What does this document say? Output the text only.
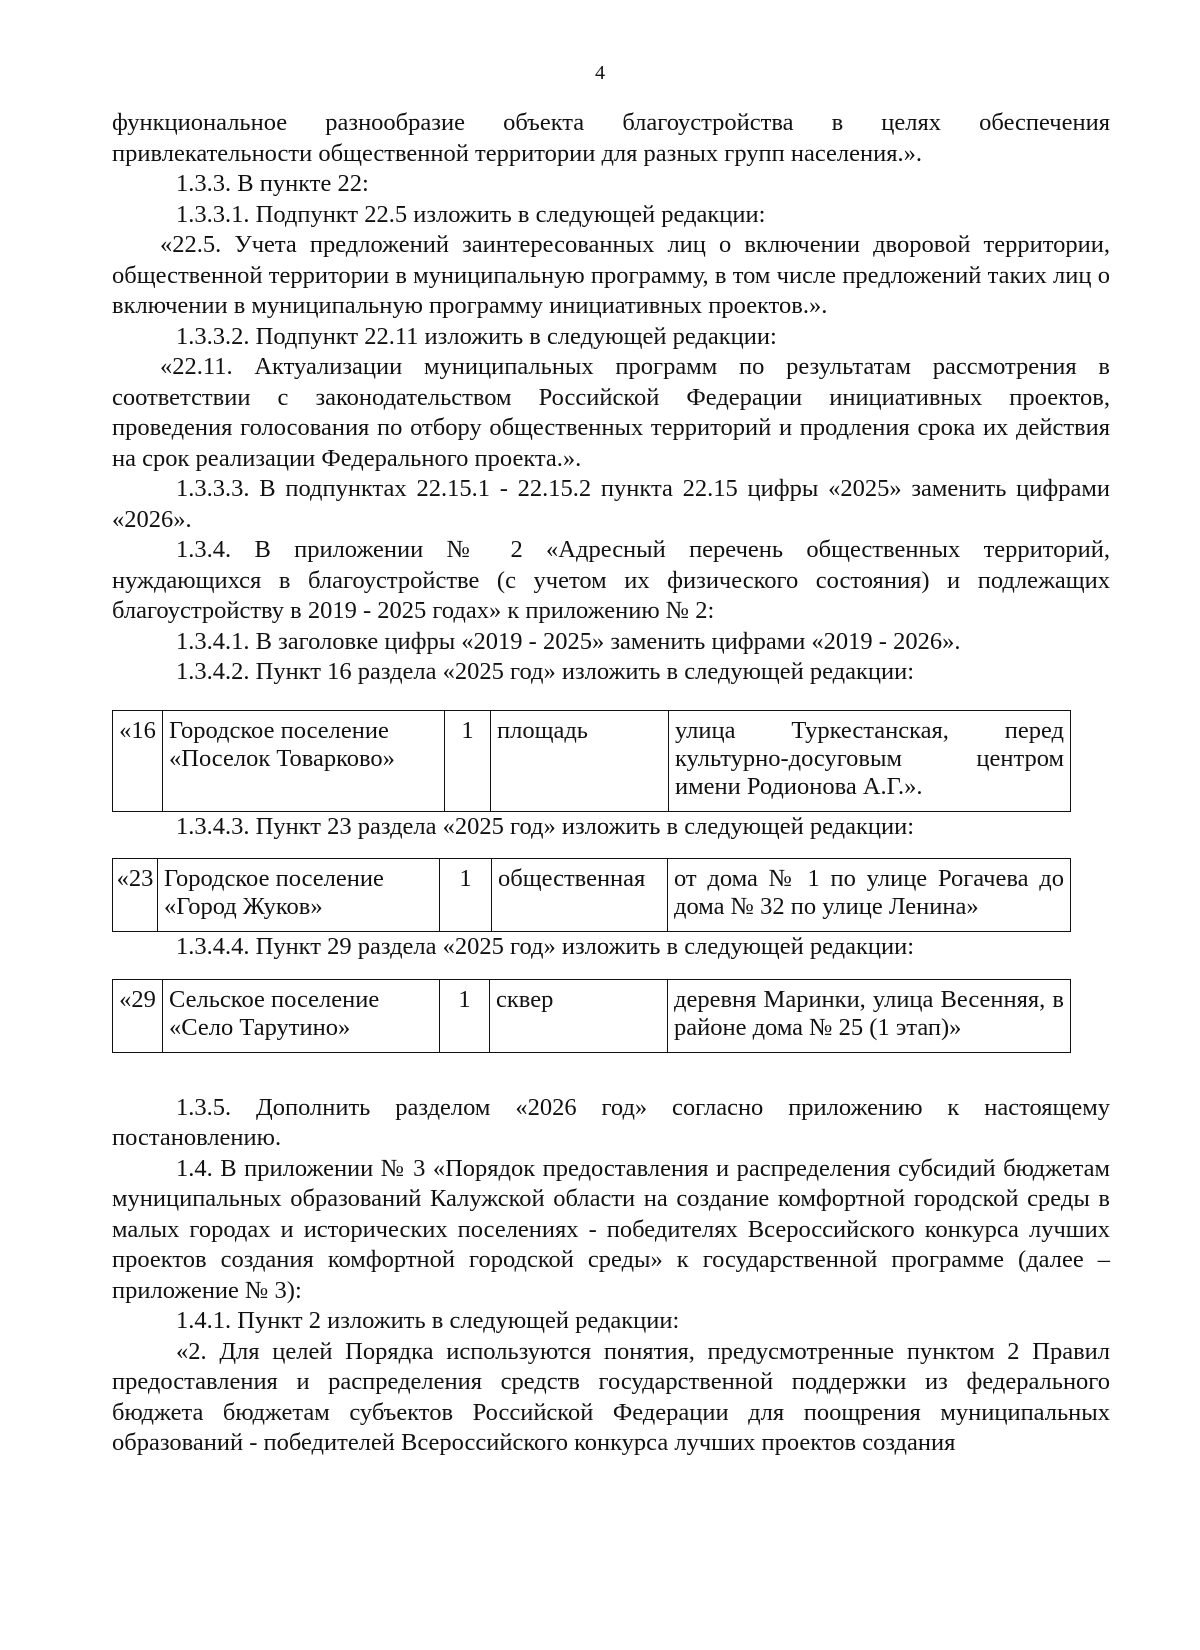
4

функциональное разнообразие объекта благоустройства в целях обеспечения привлекательности общественной территории для разных групп населения.».

1.3.3. В пункте 22:

1.3.3.1. Подпункт 22.5 изложить в следующей редакции:

«22.5. Учета предложений заинтересованных лиц о включении дворовой территории, общественной территории в муниципальную программу, в том числе предложений таких лиц о включении в муниципальную программу инициативных проектов.».

1.3.3.2. Подпункт 22.11 изложить в следующей редакции:

«22.11. Актуализации муниципальных программ по результатам рассмотрения в соответствии с законодательством Российской Федерации инициативных проектов, проведения голосования по отбору общественных территорий и продления срока их действия на срок реализации Федерального проекта.».

1.3.3.3. В подпунктах 22.15.1 - 22.15.2 пункта 22.15 цифры «2025» заменить цифрами «2026».

1.3.4. В приложении № 2 «Адресный перечень общественных территорий, нуждающихся в благоустройстве (с учетом их физического состояния) и подлежащих благоустройству в 2019 - 2025 годах» к приложению № 2:

1.3.4.1. В заголовке цифры «2019 - 2025» заменить цифрами «2019 - 2026».

1.3.4.2. Пункт 16 раздела «2025 год» изложить в следующей редакции:

«16	Городское поселение «Поселок Товарково»	1	площадь	улица Туркестанская, перед культурно-досуговым центром имени Родионова А.Г.».

1.3.4.3. Пункт 23 раздела «2025 год» изложить в следующей редакции:

«23	Городское поселение «Город Жуков»	1	общественная	от дома № 1 по улице Рогачева до дома № 32 по улице Ленина»

1.3.4.4. Пункт 29 раздела «2025 год» изложить в следующей редакции:

«29	Сельское поселение «Село Тарутино»	1	сквер	деревня Маринки, улица Весенняя, в районе дома № 25 (1 этап)»

1.3.5. Дополнить разделом «2026 год» согласно приложению к настоящему постановлению.

1.4. В приложении № 3 «Порядок предоставления и распределения субсидий бюджетам муниципальных образований Калужской области на создание комфортной городской среды в малых городах и исторических поселениях - победителях Всероссийского конкурса лучших проектов создания комфортной городской среды» к государственной программе (далее – приложение № 3):

1.4.1. Пункт 2 изложить в следующей редакции:

«2. Для целей Порядка используются понятия, предусмотренные пунктом 2 Правил предоставления и распределения средств государственной поддержки из федерального бюджета бюджетам субъектов Российской Федерации для поощрения муниципальных образований - победителей Всероссийского конкурса лучших проектов создания
